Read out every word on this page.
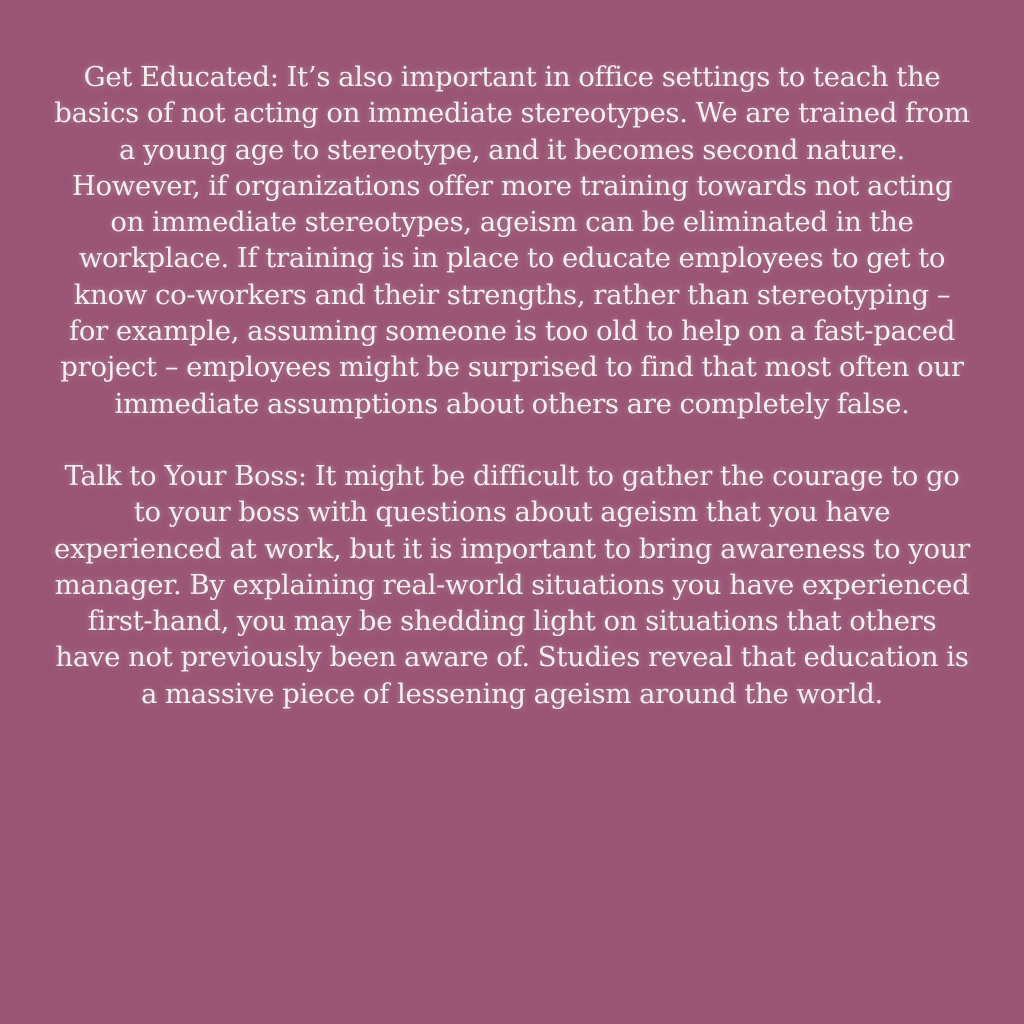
Get Educated: It’s also important in office settings to teach the basics of not acting on immediate stereotypes. We are trained from a young age to stereotype, and it becomes second nature. However, if organizations offer more training towards not acting on immediate stereotypes, ageism can be eliminated in the workplace. If training is in place to educate employees to get to know co-workers and their strengths, rather than stereotyping – for example, assuming someone is too old to help on a fast-paced project – employees might be surprised to find that most often our immediate assumptions about others are completely false.

Talk to Your Boss: It might be difficult to gather the courage to go to your boss with questions about ageism that you have experienced at work, but it is important to bring awareness to your manager. By explaining real-world situations you have experienced first-hand, you may be shedding light on situations that others have not previously been aware of. Studies reveal that education is a massive piece of lessening ageism around the world.
